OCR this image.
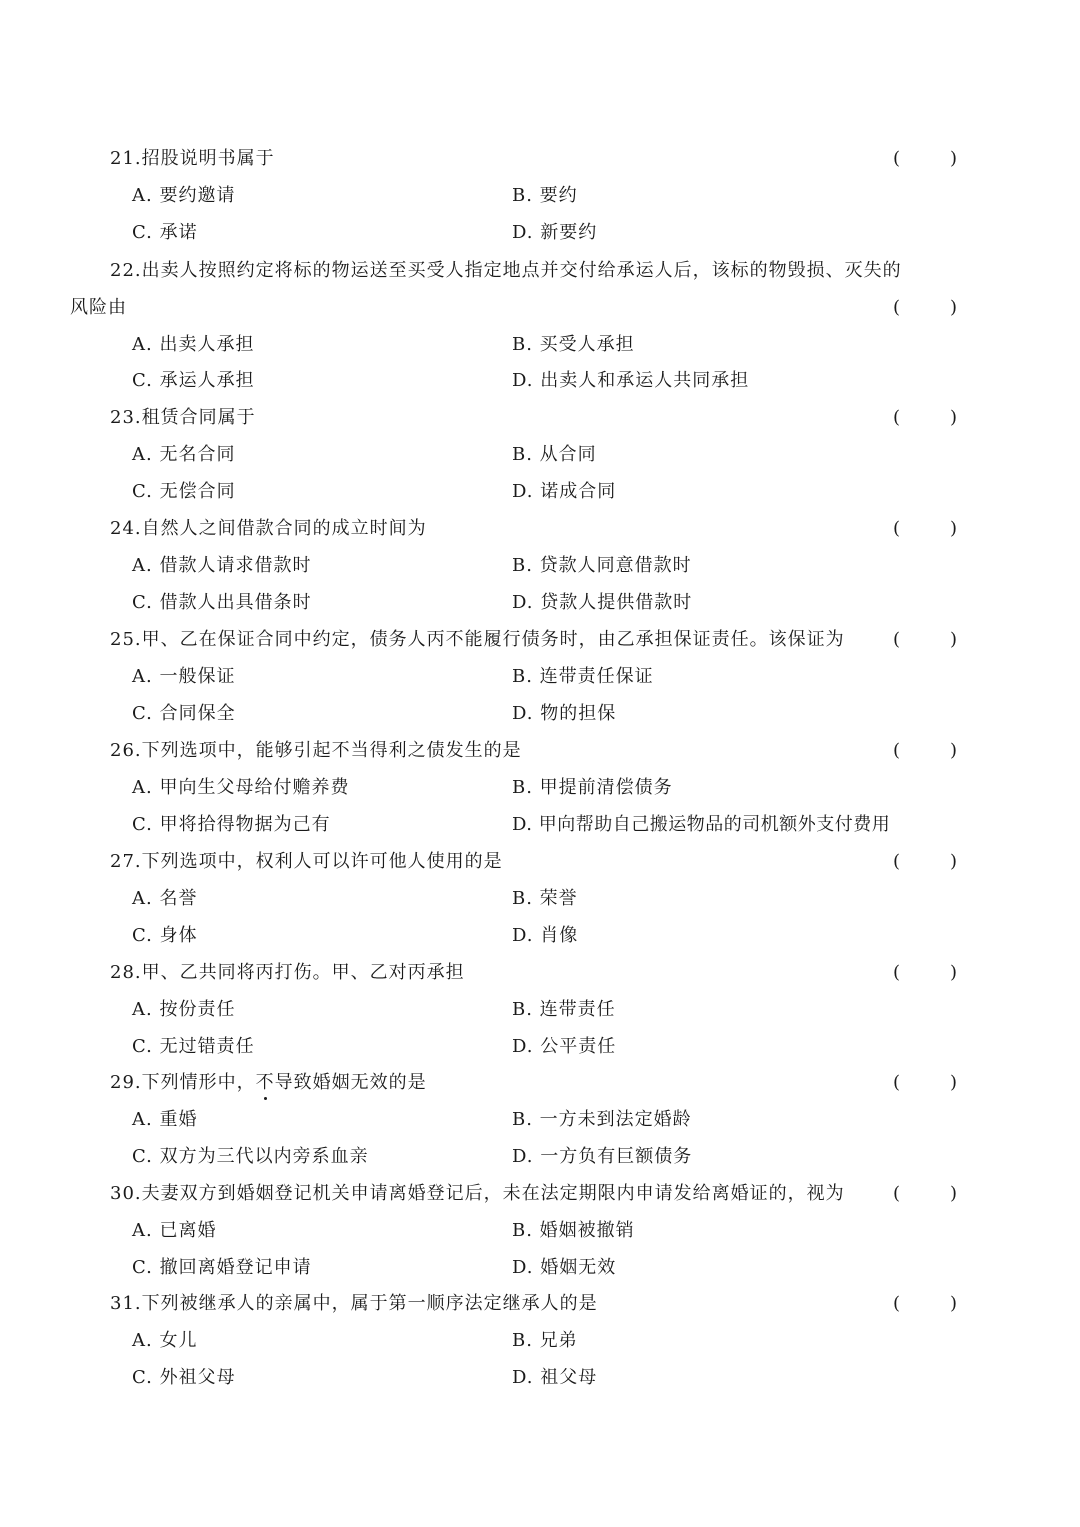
21.招股说明书属于	(	)
A. 要约邀请	B. 要约
C. 承诺	D. 新要约
22.出卖人按照约定将标的物运送至买受人指定地点并交付给承运人后，该标的物毁损、灭失的
风险由	(	)
A. 出卖人承担	B. 买受人承担
C. 承运人承担	D. 出卖人和承运人共同承担
23.租赁合同属于	(	)
A. 无名合同	B. 从合同
C. 无偿合同	D. 诺成合同
24.自然人之间借款合同的成立时间为	(	)
A. 借款人请求借款时	B. 贷款人同意借款时
C. 借款人出具借条时	D. 贷款人提供借款时
25.甲、乙在保证合同中约定，债务人丙不能履行债务时，由乙承担保证责任。该保证为	(	)
A. 一般保证	B. 连带责任保证
C. 合同保全	D. 物的担保
26.下列选项中，能够引起不当得利之债发生的是	(	)
A. 甲向生父母给付赡养费	B. 甲提前清偿债务
C. 甲将拾得物据为己有	D. 甲向帮助自己搬运物品的司机额外支付费用
27.下列选项中，权利人可以许可他人使用的是	(	)
A. 名誉	B. 荣誉
C. 身体	D. 肖像
28.甲、乙共同将丙打伤。甲、乙对丙承担	(	)
A. 按份责任	B. 连带责任
C. 无过错责任	D. 公平责任
29.下列情形中，不导致婚姻无效的是	(	)
A. 重婚	B. 一方未到法定婚龄
C. 双方为三代以内旁系血亲	D. 一方负有巨额债务
30.夫妻双方到婚姻登记机关申请离婚登记后，未在法定期限内申请发给离婚证的，视为	(	)
A. 已离婚	B. 婚姻被撤销
C. 撤回离婚登记申请	D. 婚姻无效
31.下列被继承人的亲属中，属于第一顺序法定继承人的是	(	)
A. 女儿	B. 兄弟
C. 外祖父母	D. 祖父母
